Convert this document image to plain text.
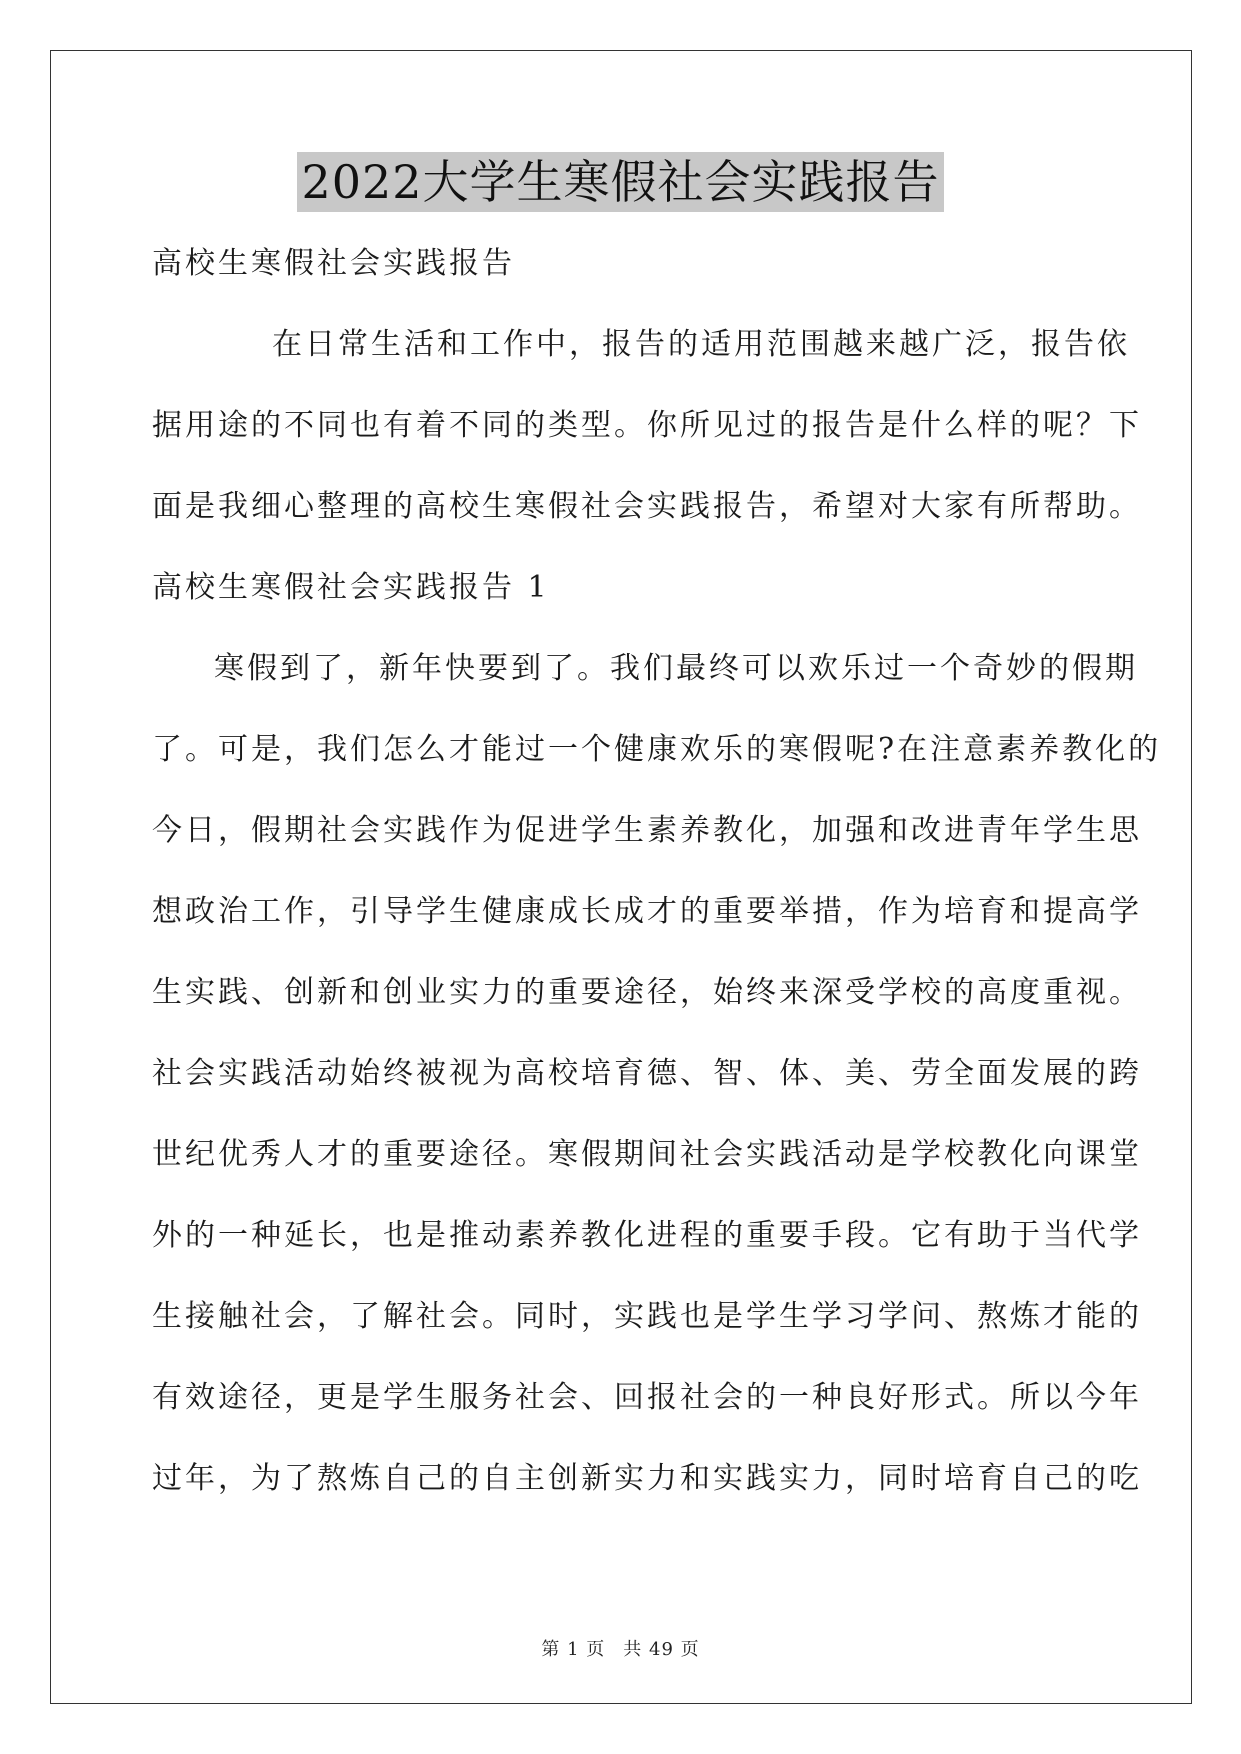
2022大学生寒假社会实践报告
高校生寒假社会实践报告
在日常生活和工作中，报告的适用范围越来越广泛，报告依
据用途的不同也有着不同的类型。你所见过的报告是什么样的呢？下
面是我细心整理的高校生寒假社会实践报告，希望对大家有所帮助。
高校生寒假社会实践报告 1
寒假到了，新年快要到了。我们最终可以欢乐过一个奇妙的假期
了。可是，我们怎么才能过一个健康欢乐的寒假呢?在注意素养教化的
今日，假期社会实践作为促进学生素养教化，加强和改进青年学生思
想政治工作，引导学生健康成长成才的重要举措，作为培育和提高学
生实践、创新和创业实力的重要途径，始终来深受学校的高度重视。
社会实践活动始终被视为高校培育德、智、体、美、劳全面发展的跨
世纪优秀人才的重要途径。寒假期间社会实践活动是学校教化向课堂
外的一种延长，也是推动素养教化进程的重要手段。它有助于当代学
生接触社会，了解社会。同时，实践也是学生学习学问、熬炼才能的
有效途径，更是学生服务社会、回报社会的一种良好形式。所以今年
过年，为了熬炼自己的自主创新实力和实践实力，同时培育自己的吃
第 1 页 共 49 页
